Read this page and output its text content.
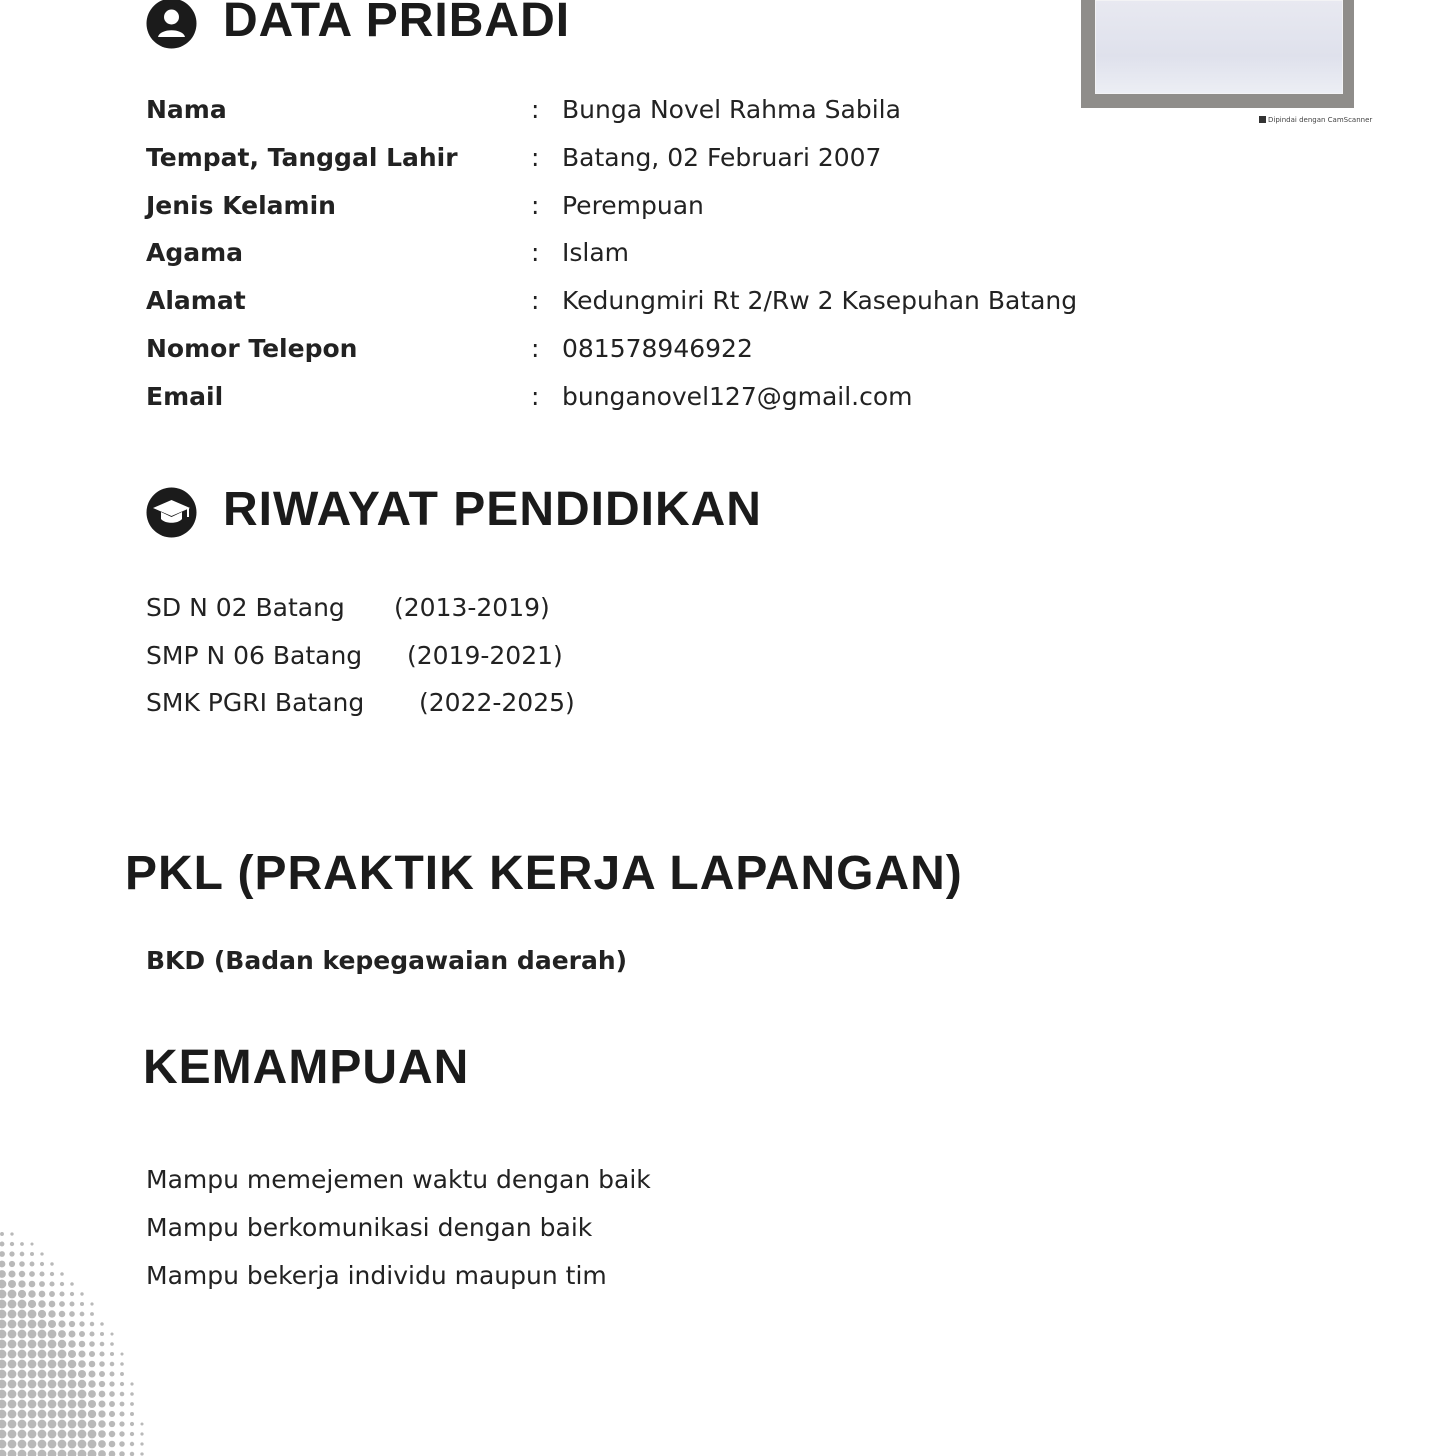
DATA PRIBADI
Dipindai dengan CamScanner
Nama	: Bunga Novel Rahma Sabila
Tempat, Tanggal Lahir	: Batang, 02 Februari 2007
Jenis Kelamin	: Perempuan
Agama	: Islam
Alamat	: Kedungmiri Rt 2/Rw 2 Kasepuhan Batang
Nomor Telepon	: 081578946922
Email	: bunganovel127@gmail.com
RIWAYAT PENDIDIKAN
SD N 02 Batang (2013-2019)
SMP N 06 Batang (2019-2021)
SMK PGRI Batang (2022-2025)
PKL (PRAKTIK KERJA LAPANGAN)
BKD (Badan kepegawaian daerah)
KEMAMPUAN
Mampu memejemen waktu dengan baik
Mampu berkomunikasi dengan baik
Mampu bekerja individu maupun tim
